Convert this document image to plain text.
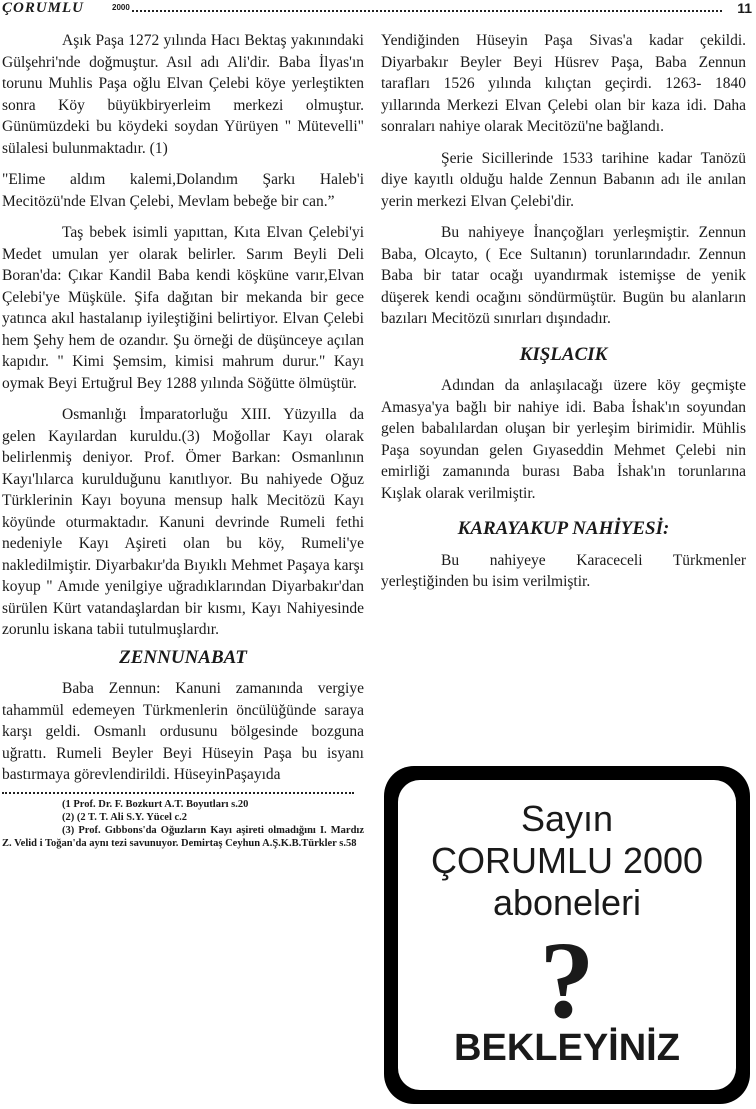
ÇORUMLU	2000	11

Aşık Paşa 1272 yılında Hacı Bektaş yakınındaki Gülşehri'nde doğmuştur. Asıl adı Ali'dir. Baba İlyas'ın torunu Muhlis Paşa oğlu Elvan Çelebi köye yerleştikten sonra Köy büyükbiryerleim merkezi olmuştur. Günümüzdeki bu köydeki soydan Yürüyen " Mütevelli" sülalesi bulunmaktadır. (1)

"Elime aldım kalemi,Dolandım Şarkı Haleb'i Mecitözü'nde Elvan Çelebi, Mevlam bebeğe bir can.”

Taş bebek isimli yapıttan, Kıta Elvan Çelebi'yi Medet umulan yer olarak belirler. Sarım Beyli Deli Boran'da: Çıkar Kandil Baba kendi köşküne varır,Elvan Çelebi'ye Müşküle. Şifa dağıtan bir mekanda bir gece yatınca akıl hastalanıp iyileştiğini belirtiyor. Elvan Çelebi hem Şehy hem de ozandır. Şu örneği de düşünceye açılan kapıdır. " Kimi Şemsim, kimisi mahrum durur." Kayı oymak Beyi Ertuğrul Bey 1288 yılında Söğütte ölmüştür.

Osmanlığı İmparatorluğu XIII. Yüzyılla da gelen Kayılardan kuruldu.(3) Moğollar Kayı olarak belirlenmiş deniyor. Prof. Ömer Barkan: Osmanlının Kayı'lılarca kurulduğunu kanıtlıyor. Bu nahiyede Oğuz Türklerinin Kayı boyuna mensup halk Mecitözü Kayı köyünde oturmaktadır. Kanuni devrinde Rumeli fethi nedeniyle Kayı Aşireti olan bu köy, Rumeli'ye nakledilmiştir. Diyarbakır'da Bıyıklı Mehmet Paşaya karşı koyup " Amıde yenilgiye uğradıklarından Diyarbakır'dan sürülen Kürt vatandaşlardan bir kısmı, Kayı Nahiyesinde zorunlu iskana tabii tutulmuşlardır.

ZENNUNABAT

Baba Zennun: Kanuni zamanında vergiye tahammül edemeyen Türkmenlerin öncülüğünde saraya karşı geldi. Osmanlı ordusunu bölgesinde bozguna uğrattı. Rumeli Beyler Beyi Hüseyin Paşa bu isyanı bastırmaya görevlendirildi. HüseyinPaşayıda

(1 Prof. Dr. F. Bozkurt A.T. Boyutları s.20

(2) (2 T. T. Ali S.Y. Yücel c.2

(3) Prof. Gıbbons'da Oğuzların Kayı aşireti olmadığını I. Mardız Z. Velid i Toğan'da aynı tezi savunuyor. Demirtaş Ceyhun A.Ş.K.B.Türkler s.58

Yendiğinden Hüseyin Paşa Sivas'a kadar çekildi. Diyarbakır Beyler Beyi Hüsrev Paşa, Baba Zennun tarafları 1526 yılında kılıçtan geçirdi. 1263- 1840 yıllarında Merkezi Elvan Çelebi olan bir kaza idi. Daha sonraları nahiye olarak Mecitözü'ne bağlandı.

Şerie Sicillerinde 1533 tarihine kadar Tanözü diye kayıtlı olduğu halde Zennun Babanın adı ile anılan yerin merkezi Elvan Çelebi'dir.

Bu nahiyeye İnançoğları yerleşmiştir. Zennun Baba, Olcayto, ( Ece Sultanın) torunlarındadır. Zennun Baba bir tatar ocağı uyandırmak istemişse de yenik düşerek kendi ocağını söndürmüştür. Bugün bu alanların bazıları Mecitözü sınırları dışındadır.

KIŞLACIK

Adından da anlaşılacağı üzere köy geçmişte Amasya'ya bağlı bir nahiye idi. Baba İshak'ın soyundan gelen babalılardan oluşan bir yerleşim birimidir. Mühlis Paşa soyundan gelen Gıyaseddin Mehmet Çelebi nin emirliği zamanında burası Baba İshak'ın torunlarına Kışlak olarak verilmiştir.

KARAYAKUP NAHİYESİ:

Bu nahiyeye Karaceceli Türkmenler yerleştiğinden bu isim verilmiştir.

Sayın
ÇORUMLU 2000
aboneleri
?
BEKLEYİNİZ
